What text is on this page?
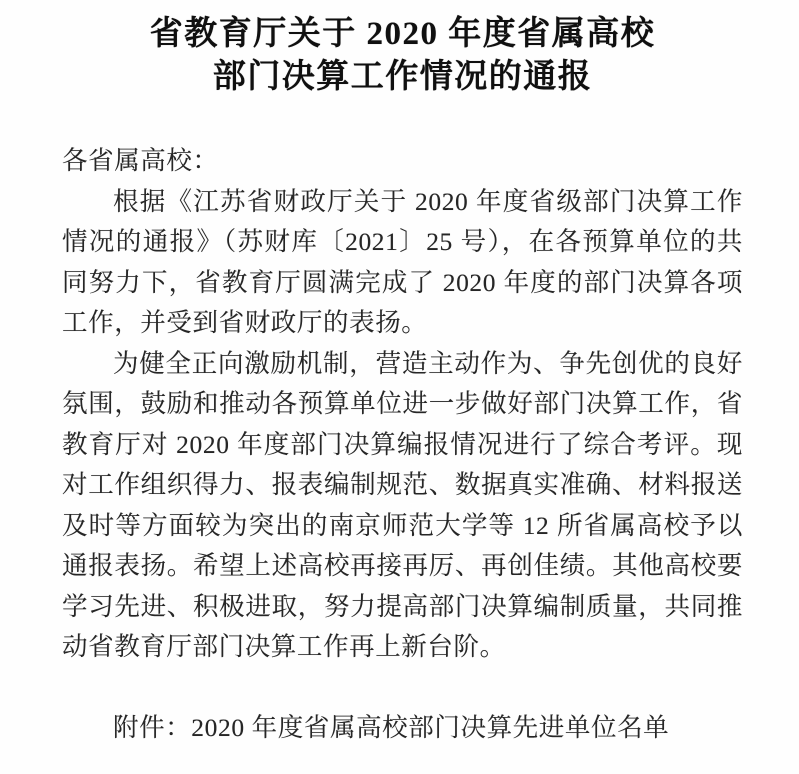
省教育厅关于 2020 年度省属高校
部门决算工作情况的通报

各省属高校：

根据《江苏省财政厅关于 2020 年度省级部门决算工作情况的通报》（苏财库〔2021〕25 号），在各预算单位的共同努力下，省教育厅圆满完成了 2020 年度的部门决算各项工作，并受到省财政厅的表扬。

为健全正向激励机制，营造主动作为、争先创优的良好氛围，鼓励和推动各预算单位进一步做好部门决算工作，省教育厅对 2020 年度部门决算编报情况进行了综合考评。现对工作组织得力、报表编制规范、数据真实准确、材料报送及时等方面较为突出的南京师范大学等 12 所省属高校予以通报表扬。希望上述高校再接再厉、再创佳绩。其他高校要学习先进、积极进取，努力提高部门决算编制质量，共同推动省教育厅部门决算工作再上新台阶。

附件：2020 年度省属高校部门决算先进单位名单
